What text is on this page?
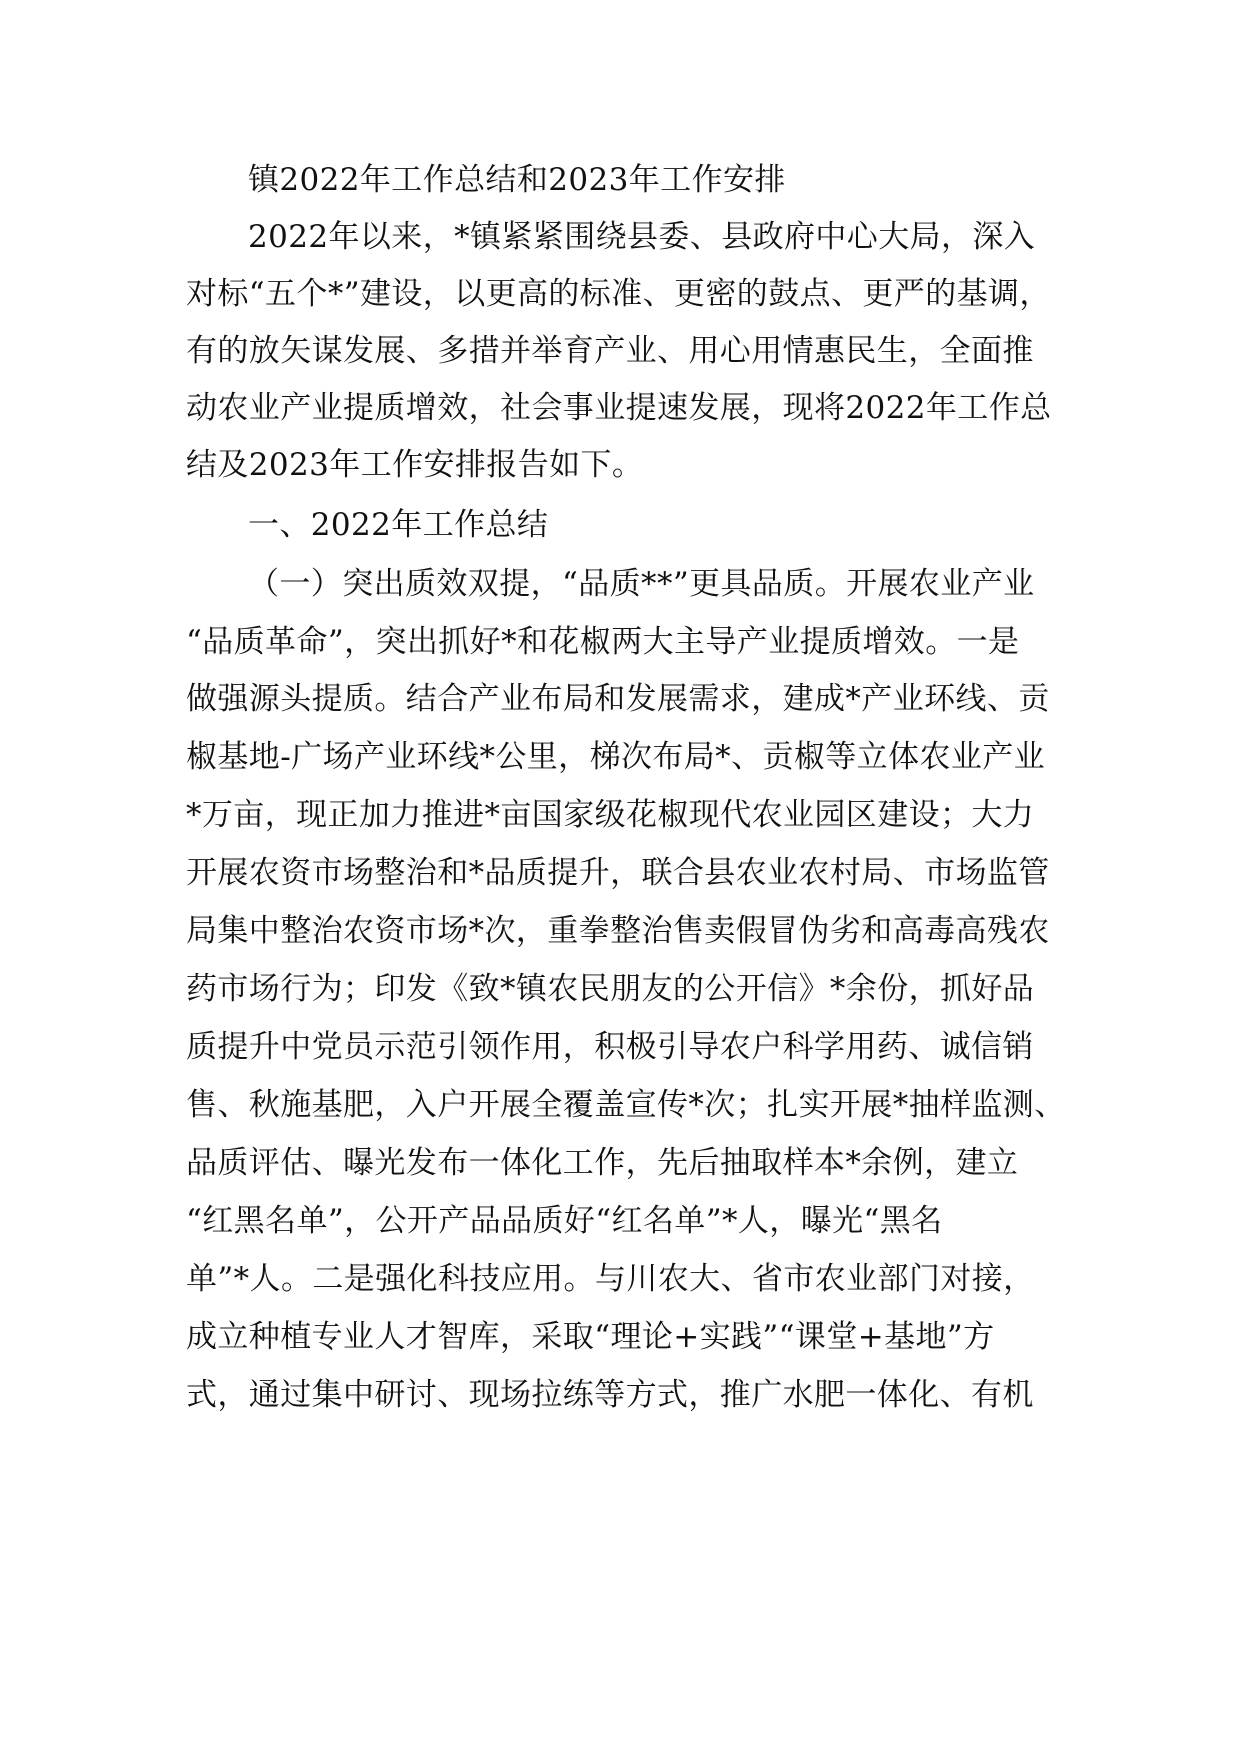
镇2022年工作总结和2023年工作安排
2022年以来，*镇紧紧围绕县委、县政府中心大局，深入
对标“五个*”建设，以更高的标准、更密的鼓点、更严的基调，
有的放矢谋发展、多措并举育产业、用心用情惠民生，全面推
动农业产业提质增效，社会事业提速发展，现将2022年工作总
结及2023年工作安排报告如下。
一、2022年工作总结
（一）突出质效双提，“品质**”更具品质。开展农业产业
“品质革命”，突出抓好*和花椒两大主导产业提质增效。一是
做强源头提质。结合产业布局和发展需求，建成*产业环线、贡
椒基地-广场产业环线*公里，梯次布局*、贡椒等立体农业产业
*万亩，现正加力推进*亩国家级花椒现代农业园区建设；大力
开展农资市场整治和*品质提升，联合县农业农村局、市场监管
局集中整治农资市场*次，重拳整治售卖假冒伪劣和高毒高残农
药市场行为；印发《致*镇农民朋友的公开信》*余份，抓好品
质提升中党员示范引领作用，积极引导农户科学用药、诚信销
售、秋施基肥，入户开展全覆盖宣传*次；扎实开展*抽样监测、
品质评估、曝光发布一体化工作，先后抽取样本*余例，建立
“红黑名单”，公开产品品质好“红名单”*人，曝光“黑名
单”*人。二是强化科技应用。与川农大、省市农业部门对接，
成立种植专业人才智库，采取“理论+实践”“课堂+基地”方
式，通过集中研讨、现场拉练等方式，推广水肥一体化、有机
